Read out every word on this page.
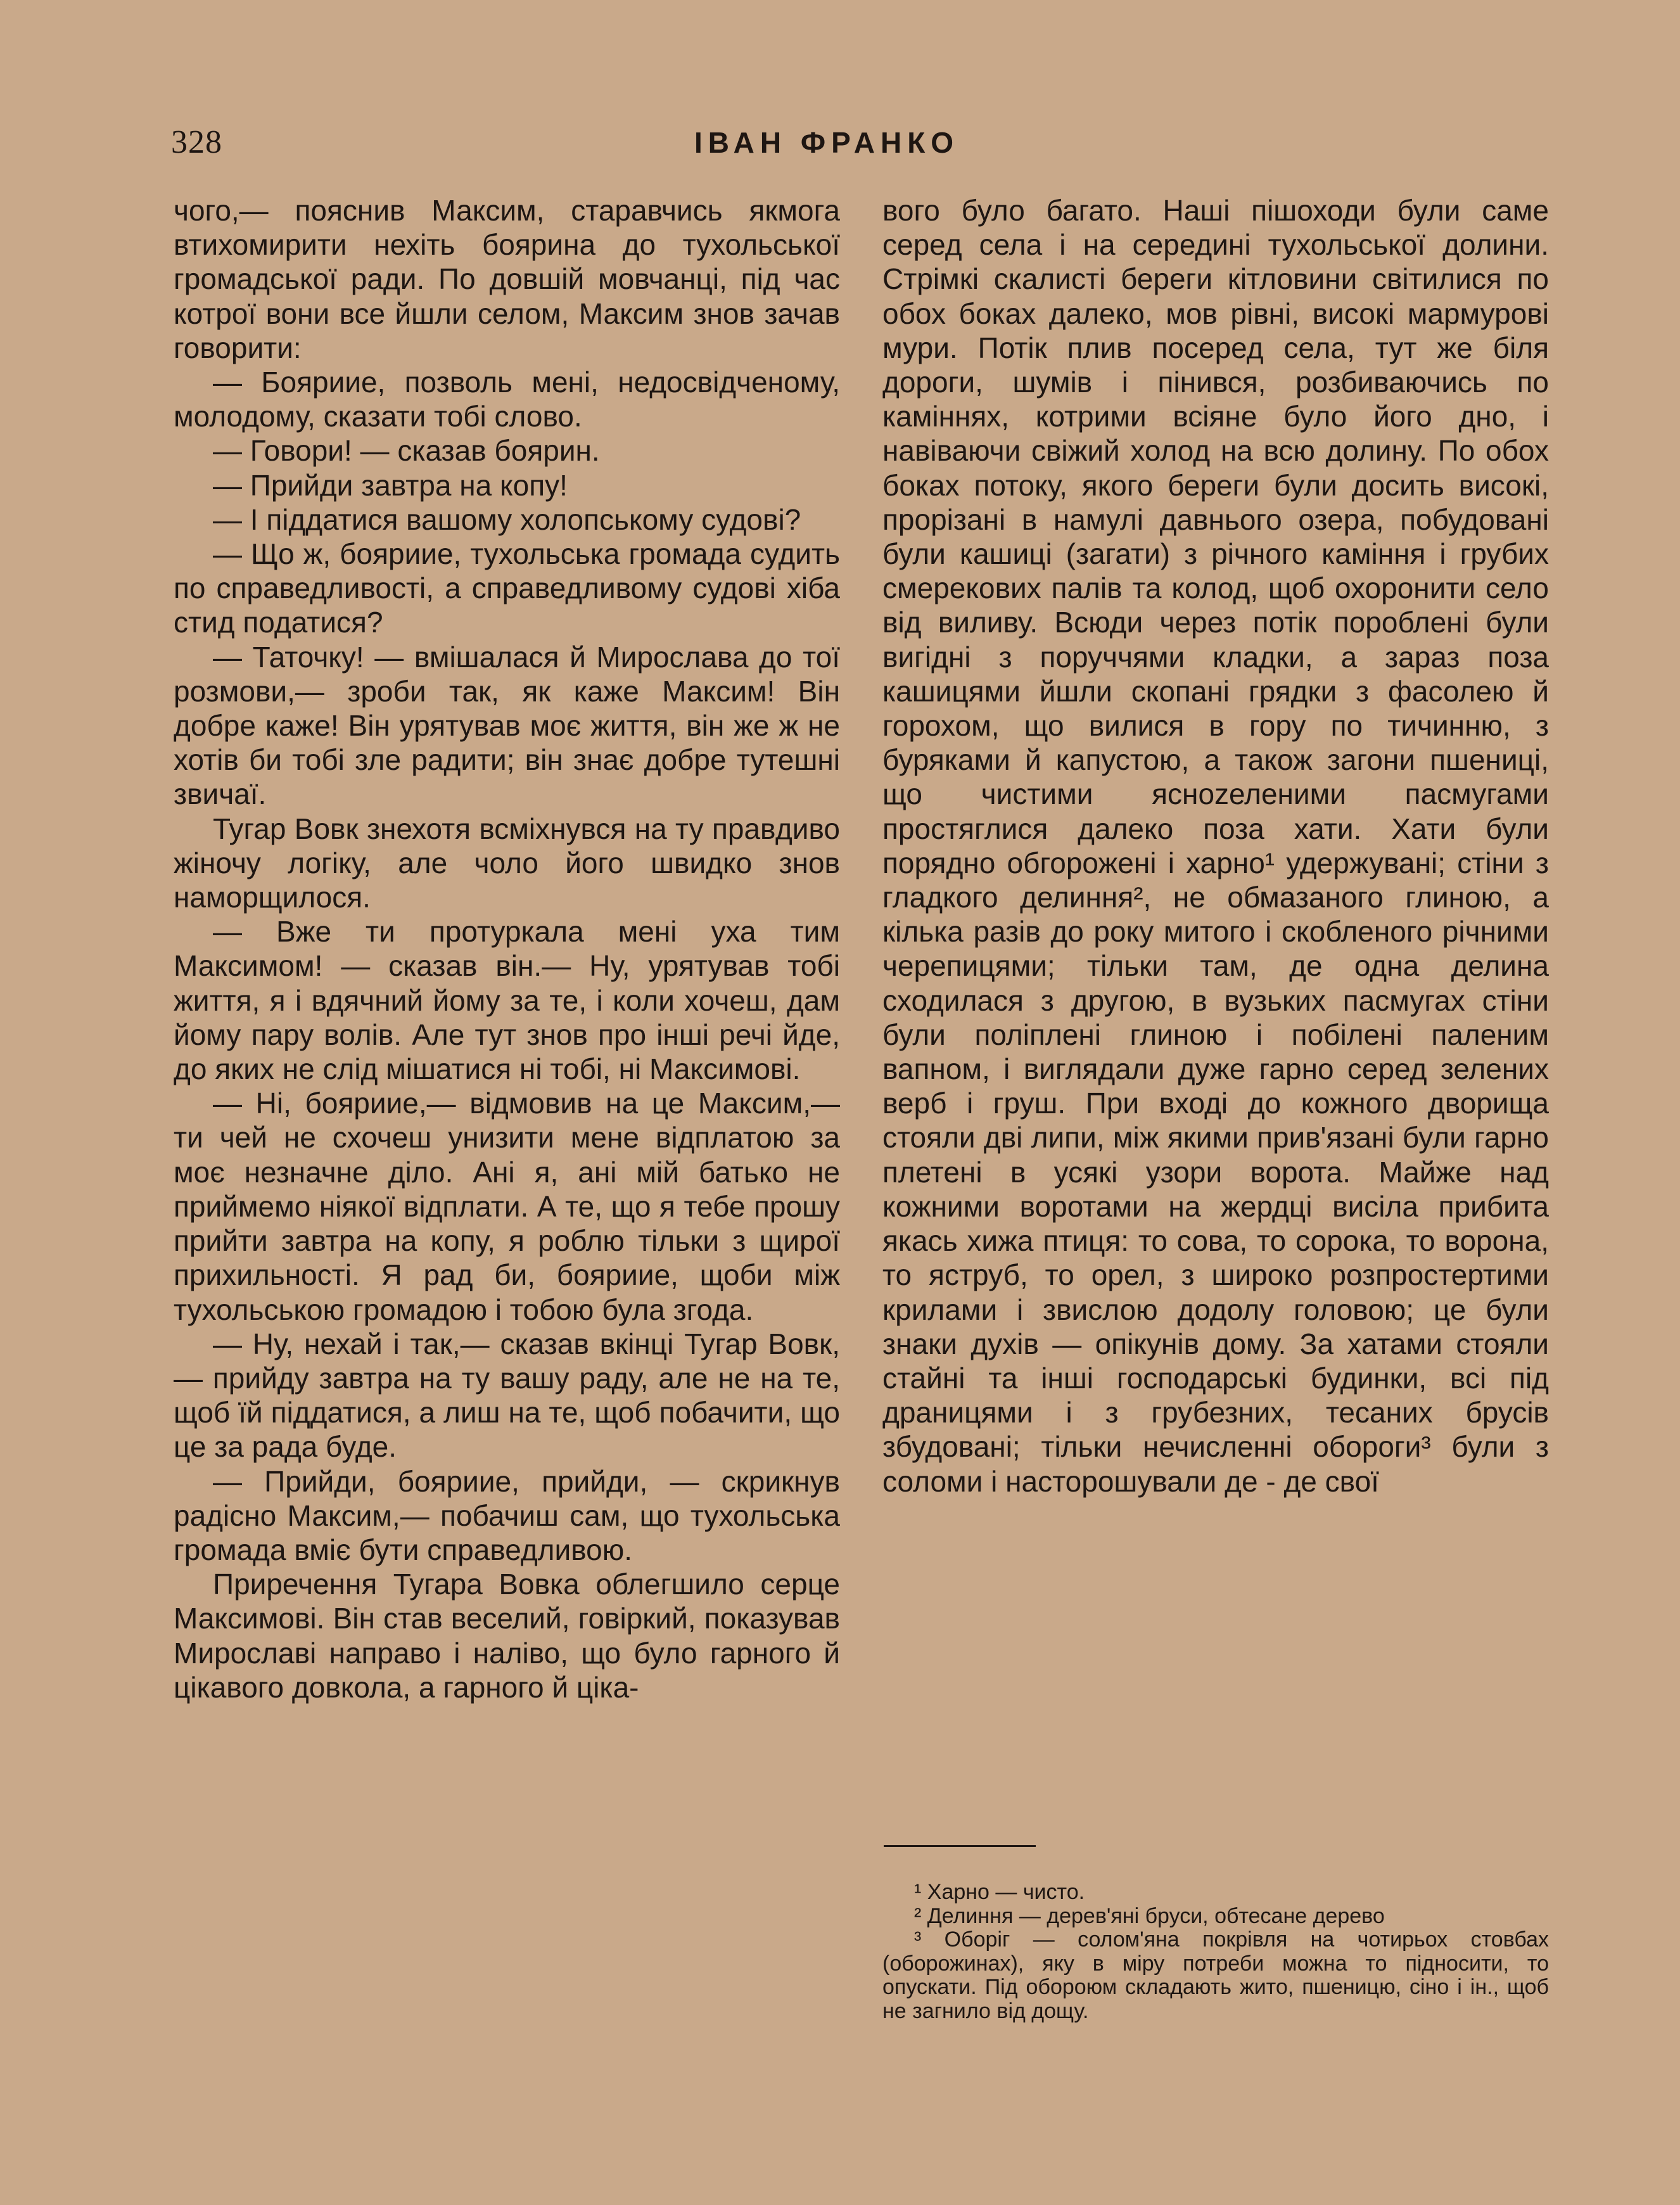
328	ІВАН ФРАНКО

чого,— пояснив Максим, старавчись якмога втихомирити нехіть боярина до тухольської громадської ради. По довшій мовчанці, під час котрої вони все йшли селом, Максим знов зачав говорити:

— Бояриие, позволь мені, недосвідченому, молодому, сказати тобі слово.

— Говори! — сказав боярин.

— Прийди завтра на копу!

— І піддатися вашому холопському судові?

— Що ж, бояриие, тухольська громада судить по справедливості, а справедливому судові хіба стид податися?

— Таточку! — вмішалася й Мирослава до тої розмови,— зроби так, як каже Максим! Він добре каже! Він урятував моє життя, він же ж не хотів би тобі зле радити; він знає добре тутешні звичаї.

Тугар Вовк знехотя всміхнувся на ту правдиво жіночу логіку, але чоло його швидко знов наморщилося.

— Вже ти протуркала мені уха тим Максимом! — сказав він.— Ну, урятував тобі життя, я і вдячний йому за те, і коли хочеш, дам йому пару волів. Але тут знов про інші речі йде, до яких не слід мішатися ні тобі, ні Максимові.

— Ні, бояриие,— відмовив на це Максим,— ти чей не схочеш унизити мене відплатою за моє незначне діло. Ані я, ані мій батько не приймемо ніякої відплати. А те, що я тебе прошу прийти завтра на копу, я роблю тільки з щирої прихильності. Я рад би, бояриие, щоби між тухольською громадою і тобою була згода.

— Ну, нехай і так,— сказав вкінці Тугар Вовк,— прийду завтра на ту вашу раду, але не на те, щоб їй піддатися, а лиш на те, щоб побачити, що це за рада буде.

— Прийди, бояриие, прийди, — скрикнув радісно Максим,— побачиш сам, що тухольська громада вміє бути справедливою.

Приречення Тугара Вовка облегшило серце Максимові. Він став веселий, говіркий, показував Мирославі направо і наліво, що було гарного й цікавого довкола, а гарного й ціка-

вого було багато. Наші пішоходи були саме серед села і на середині тухольської долини. Стрімкі скалисті береги кітловини світилися по обох боках далеко, мов рівні, високі мармурові мури. Потік плив посеред села, тут же біля дороги, шумів і пінився, розбиваючись по каміннях, котрими всіяне було його дно, і навіваючи свіжий холод на всю долину. По обох боках потоку, якого береги були досить високі, прорізані в намулі давнього озера, побудовані були кашиці (загати) з річного каміння і грубих смерекових палів та колод, щоб охоронити село від виливу. Всюди через потік пороблені були вигідні з поруччями кладки, а зараз поза кашицями йшли скопані грядки з фасолею й горохом, що вилися в гору по тичинню, з буряками й капустою, а також загони пшениці, що чистими ясноzеленими пасмугами простяглися далеко поза хати. Хати були порядно обгорожені і харно¹ удержувані; стіни з гладкого делиння², не обмазаного глиною, а кілька разів до року митого і скобленого річними черепицями; тільки там, де одна делина сходилася з другою, в вузьких пасмугах стіни були поліплені глиною і побілені паленим вапном, і виглядали дуже гарно серед зелених верб і груш. При вході до кожного дворища стояли дві липи, між якими прив'язані були гарно плетені в усякі узори ворота. Майже над кожними воротами на жердці висіла прибита якась хижа птиця: то сова, то сорока, то ворона, то яструб, то орел, з широко розпростертими крилами і звислою додолу головою; це були знаки духів — опікунів дому. За хатами стояли стайні та інші господарські будинки, всі під драницями і з грубезних, тесаних брусів збудовані; тільки нечисленні обороги³ були з соломи і насторошували де - де свої

¹ Харно — чисто.

² Делиння — дерев'яні бруси, обтесане дерево

³ Оборіг — солом'яна покрівля на чотирьох стовбах (оборожинах), яку в міру потреби можна то підносити, то опускати. Під обороюм складають жито, пшеницю, сіно і ін., щоб не загнило від дощу.
